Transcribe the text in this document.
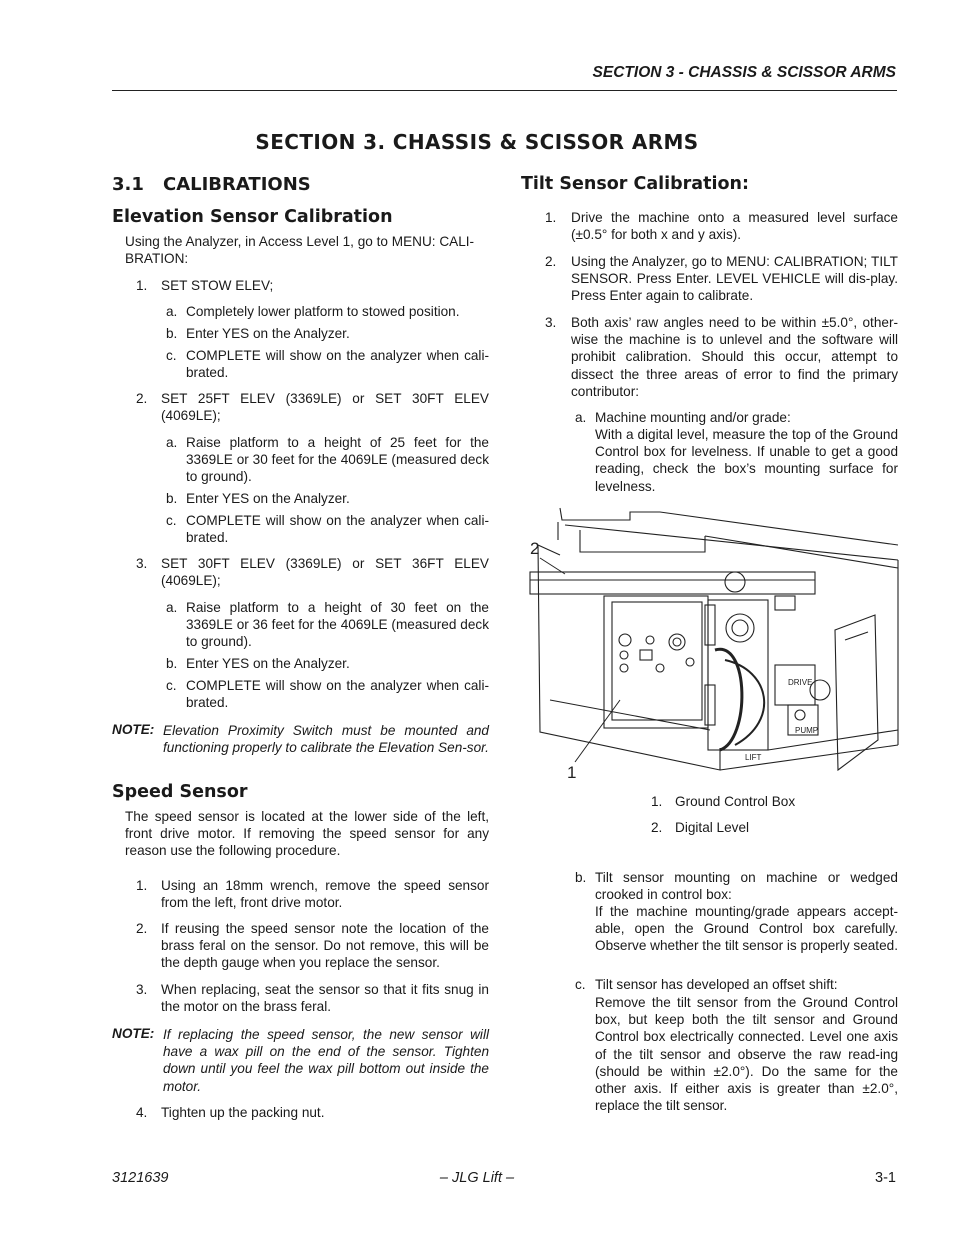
SECTION 3 - CHASSIS & SCISSOR ARMS
SECTION 3. CHASSIS & SCISSOR ARMS
3.1 CALIBRATIONS
Elevation Sensor Calibration
Using the Analyzer, in Access Level 1, go to MENU: CALI-BRATION:
1. SET STOW ELEV;
a. Completely lower platform to stowed position.
b. Enter YES on the Analyzer.
c. COMPLETE will show on the analyzer when cali-brated.
2. SET 25FT ELEV (3369LE) or SET 30FT ELEV (4069LE);
a. Raise platform to a height of 25 feet for the 3369LE or 30 feet for the 4069LE (measured deck to ground).
b. Enter YES on the Analyzer.
c. COMPLETE will show on the analyzer when cali-brated.
3. SET 30FT ELEV (3369LE) or SET 36FT ELEV (4069LE);
a. Raise platform to a height of 30 feet on the 3369LE or 36 feet for the 4069LE (measured deck to ground).
b. Enter YES on the Analyzer.
c. COMPLETE will show on the analyzer when cali-brated.
NOTE: Elevation Proximity Switch must be mounted and functioning properly to calibrate the Elevation Sen-sor.
Speed Sensor
The speed sensor is located at the lower side of the left, front drive motor. If removing the speed sensor for any reason use the following procedure.
1. Using an 18mm wrench, remove the speed sensor from the left, front drive motor.
2. If reusing the speed sensor note the location of the brass feral on the sensor. Do not remove, this will be the depth gauge when you replace the sensor.
3. When replacing, seat the sensor so that it fits snug in the motor on the brass feral.
NOTE: If replacing the speed sensor, the new sensor will have a wax pill on the end of the sensor. Tighten down until you feel the wax pill bottom out inside the motor.
4. Tighten up the packing nut.
Tilt Sensor Calibration:
1. Drive the machine onto a measured level surface (±0.5° for both x and y axis).
2. Using the Analyzer, go to MENU: CALIBRATION; TILT SENSOR. Press Enter. LEVEL VEHICLE will dis-play. Press Enter again to calibrate.
3. Both axis’ raw angles need to be within ±5.0°, other-wise the machine is to unlevel and the software will prohibit calibration. Should this occur, attempt to dissect the three areas of error to find the primary contributor:
a. Machine mounting and/or grade:
With a digital level, measure the top of the Ground Control box for levelness. If unable to get a good reading, check the box’s mounting surface for levelness.
DRIVE
LIFT
PUMP
2
1
1. Ground Control Box
2. Digital Level
b. Tilt sensor mounting on machine or wedged crooked in control box:
If the machine mounting/grade appears accept-able, open the Ground Control box carefully. Observe whether the tilt sensor is properly seated.
c. Tilt sensor has developed an offset shift:
Remove the tilt sensor from the Ground Control box, but keep both the tilt sensor and Ground Control box electrically connected. Level one axis of the tilt sensor and observe the raw read-ing (should be within ±2.0°). Do the same for the other axis. If either axis is greater than ±2.0°, replace the tilt sensor.
3121639	– JLG Lift –	3-1
